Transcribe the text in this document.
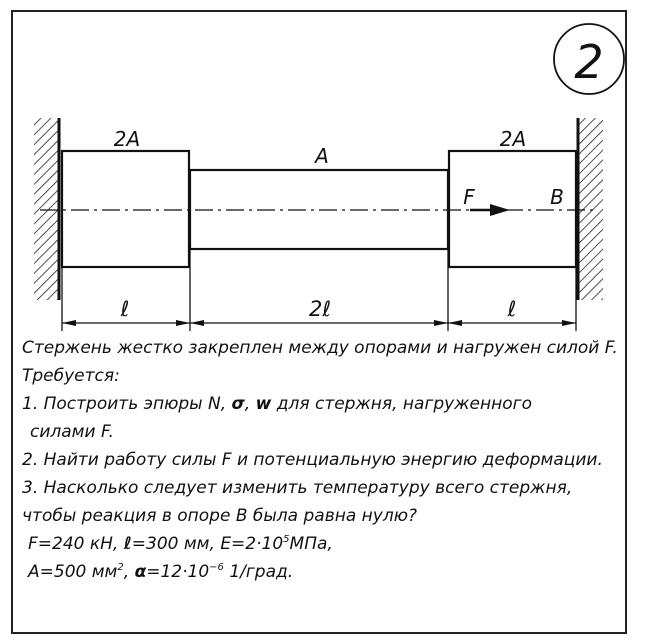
2
2A
A
2A
F	B
ℓ	2ℓ	ℓ
Стержень жестко закреплен между опорами и нагружен силой F.
Требуется:
1. Построить эпюры N, σ, w для стержня, нагруженного
силами F.
2. Найти работу силы F и потенциальную энергию деформации.
3. Насколько следует изменить температуру всего стержня,
чтобы реакция в опоре B была равна нулю?
F=240 кН, ℓ=300 мм, $E=2\cdot 10^5МПа$,
A=500 $мм^2$, $\alpha=12\cdot 10^{-6}$ 1/град.
